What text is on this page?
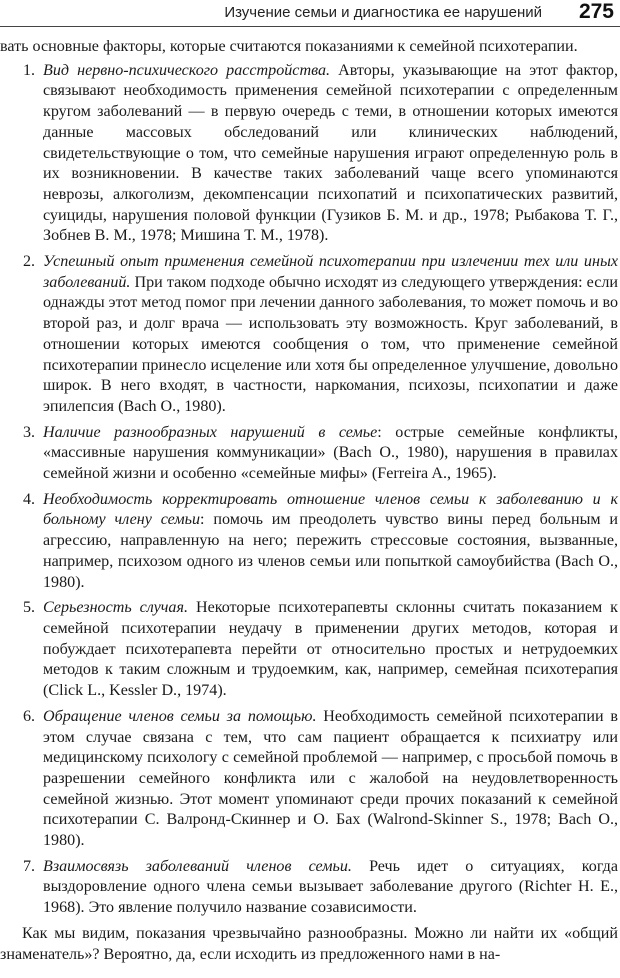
Изучение семьи и диагностика ее нарушений 275

вать основные факторы, которые считаются показаниями к семейной психотерапии.

1. Вид нервно-психического расстройства. Авторы, указывающие на этот фактор, связывают необходимость применения семейной психотерапии с определенным кругом заболеваний — в первую очередь с теми, в отношении которых имеются данные массовых обследований или клинических наблюдений, свидетельствующие о том, что семейные нарушения играют определенную роль в их возникновении. В качестве таких заболеваний чаще всего упоминаются неврозы, алкоголизм, декомпенсации психопатий и психопатических развитий, суициды, нарушения половой функции (Гузиков Б. М. и др., 1978; Рыбакова Т. Г., Зобнев В. М., 1978; Мишина Т. М., 1978).
2. Успешный опыт применения семейной психотерапии при излечении тех или иных заболеваний. При таком подходе обычно исходят из следующего утверждения: если однажды этот метод помог при лечении данного заболевания, то может помочь и во второй раз, и долг врача — использовать эту возможность. Круг заболеваний, в отношении которых имеются сообщения о том, что применение семейной психотерапии принесло исцеление или хотя бы определенное улучшение, довольно широк. В него входят, в частности, наркомания, психозы, психопатии и даже эпилепсия (Bach O., 1980).
3. Наличие разнообразных нарушений в семье: острые семейные конфликты, «массивные нарушения коммуникации» (Bach O., 1980), нарушения в правилах семейной жизни и особенно «семейные мифы» (Ferreira A., 1965).
4. Необходимость корректировать отношение членов семьи к заболеванию и к больному члену семьи: помочь им преодолеть чувство вины перед больным и агрессию, направленную на него; пережить стрессовые состояния, вызванные, например, психозом одного из членов семьи или попыткой самоубийства (Bach O., 1980).
5. Серьезность случая. Некоторые психотерапевты склонны считать показанием к семейной психотерапии неудачу в применении других методов, которая и побуждает психотерапевта перейти от относительно простых и нетрудоемких методов к таким сложным и трудоемким, как, например, семейная психотерапия (Click L., Kessler D., 1974).
6. Обращение членов семьи за помощью. Необходимость семейной психотерапии в этом случае связана с тем, что сам пациент обращается к психиатру или медицинскому психологу с семейной проблемой — например, с просьбой помочь в разрешении семейного конфликта или с жалобой на неудовлетворенность семейной жизнью. Этот момент упоминают среди прочих показаний к семейной психотерапии С. Валронд-Скиннер и О. Бах (Walrond-Skinner S., 1978; Bach O., 1980).
7. Взаимосвязь заболеваний членов семьи. Речь идет о ситуациях, когда выздоровление одного члена семьи вызывает заболевание другого (Richter H. E., 1968). Это явление получило название созависимости.

Как мы видим, показания чрезвычайно разнообразны. Можно ли найти их «общий знаменатель»? Вероятно, да, если исходить из предложенного нами в на-
